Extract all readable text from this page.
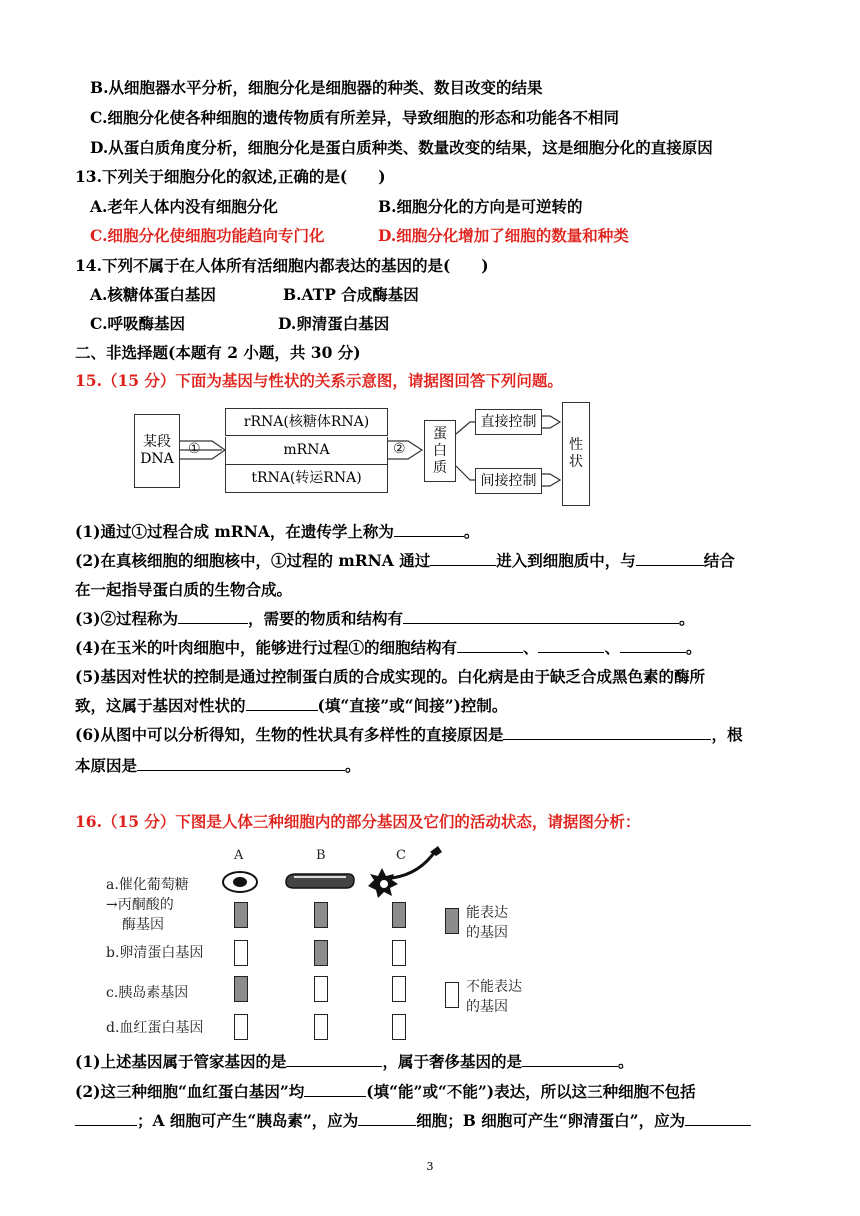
B.从细胞器水平分析，细胞分化是细胞器的种类、数目改变的结果
C.细胞分化使各种细胞的遗传物质有所差异，导致细胞的形态和功能各不相同
D.从蛋白质角度分析，细胞分化是蛋白质种类、数量改变的结果，这是细胞分化的直接原因
13.下列关于细胞分化的叙述,正确的是(　　)
A.老年人体内没有细胞分化	B.细胞分化的方向是可逆转的
C.细胞分化使细胞功能趋向专门化	D.细胞分化增加了细胞的数量和种类
14.下列不属于在人体所有活细胞内都表达的基因的是(　　)
A.核糖体蛋白基因	B.ATP 合成酶基因
C.呼吸酶基因	D.卵清蛋白基因
二、非选择题(本题有 2 小题，共 30 分)
15.（15 分）下面为基因与性状的关系示意图，请据图回答下列问题。
某段
DNA
①
rRNA(核糖体RNA)
mRNA
tRNA(转运RNA)
②
蛋白质
直接控制
间接控制
性状
(1)通过①过程合成 mRNA，在遗传学上称为	。
(2)在真核细胞的细胞核中，①过程的 mRNA 通过	进入到细胞质中，与	结合
在一起指导蛋白质的生物合成。
(3)②过程称为	，需要的物质和结构有	。
(4)在玉米的叶肉细胞中，能够进行过程①的细胞结构有	、	、	。
(5)基因对性状的控制是通过控制蛋白质的合成实现的。白化病是由于缺乏合成黑色素的酶所
致，这属于基因对性状的	(填“直接”或“间接”)控制。
(6)从图中可以分析得知，生物的性状具有多样性的直接原因是	，根
本原因是	。
16.（15 分）下图是人体三种细胞内的部分基因及它们的活动状态，请据图分析：
A	B	C
a.催化葡萄糖
→丙酮酸的
酶基因
b.卵清蛋白基因
c.胰岛素基因
d.血红蛋白基因
能表达
的基因
不能表达
的基因
(1)上述基因属于管家基因的是	，属于奢侈基因的是	。
(2)这三种细胞“血红蛋白基因”均	(填“能”或“不能”)表达，所以这三种细胞不包括
；A 细胞可产生“胰岛素”，应为	细胞；B 细胞可产生“卵清蛋白”，应为
3
